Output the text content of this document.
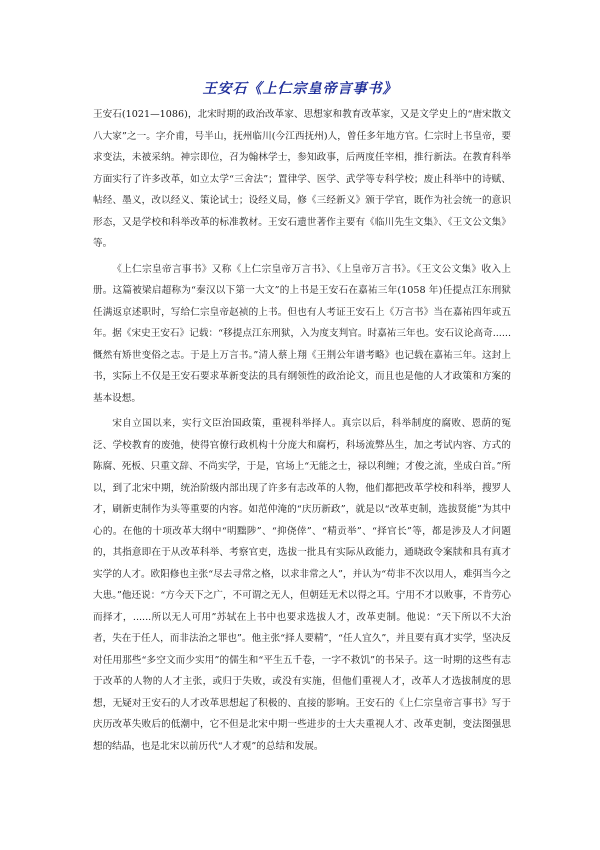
王安石《上仁宗皇帝言事书》

王安石(1021—1086)，北宋时期的政治改革家、思想家和教育改革家，又是文学史上的“唐宋散文八大家”之一。字介甫，号半山，抚州临川(今江西抚州)人，曾任多年地方官。仁宗时上书皇帝，要求变法，未被采纳。神宗即位，召为翰林学士，参知政事，后两度任宰相，推行新法。在教育科举方面实行了许多改革，如立太学“三舍法”；置律学、医学、武学等专科学校；废止科举中的诗赋、帖经、墨义，改以经义、策论试士；设经义局，修《三经新义》颁于学官，既作为社会统一的意识形态，又是学校和科举改革的标准教材。王安石遗世著作主要有《临川先生文集》、《王文公文集》等。

《上仁宗皇帝言事书》又称《上仁宗皇帝万言书》、《上皇帝万言书》。《王文公文集》收入上册。这篇被梁启超称为“秦汉以下第一大文”的上书是王安石在嘉祐三年(1058 年)任提点江东刑狱任满返京述职时，写给仁宗皇帝赵祯的上书。但也有人考证王安石上《万言书》当在嘉祐四年或五年。据《宋史王安石》记载：“移提点江东刑狱，入为度支判官。时嘉祐三年也。安石议论高奇......慨然有矫世变俗之志。于是上万言书。”清人蔡上翔《王荆公年谱考略》也记载在嘉祐三年。这封上书，实际上不仅是王安石要求革新变法的具有纲领性的政治论文，而且也是他的人才政策和方案的基本设想。

宋自立国以来，实行文臣治国政策，重视科举择人。真宗以后，科举制度的腐败、恩荫的冤泛、学校教育的废弛，使得官僚行政机构十分庞大和腐朽，科场流弊丛生，加之考试内容、方式的陈腐、死板、只重文辞、不尚实学，于是，官场上“无能之士，禄以利缠；才俊之流，坐成白首。”所以，到了北宋中期，统治阶级内部出现了许多有志改革的人物，他们都把改革学校和科举，搜罗人才，刷新吏制作为头等重要的内容。如范仲淹的“庆历新政”，就是以“改革吏制，选拔贤能”为其中心的。在他的十项改革大纲中“明黜陟”、“抑侥倖”、“精贡举”、“择官长”等，都是涉及人才问题的，其指意即在于从改革科举、考察官吏，选拔一批具有实际从政能力，通晓政令案牍和具有真才实学的人才。欧阳修也主张“尽去寻常之格，以求非常之人”，并认为“苟非不次以用人，难弭当今之大患。”他还说：“方今天下之广，不可谓之无人，但朝廷无术以得之耳。宁用不才以败事，不肯劳心而择才，......所以无人可用”苏轼在上书中也要求选拔人才，改革吏制。他说：“天下所以不大治者，失在于任人，而非法治之罪也”。他主张“择人要精”，“任人宜久”，并且要有真才实学，坚决反对任用那些“多空文而少实用”的儒生和“平生五千卷，一字不救饥”的书呆子。这一时期的这些有志于改革的人物的人才主张，或归于失败，或没有实施，但他们重视人才，改革人才选拔制度的思想，无疑对王安石的人才改革思想起了积极的、直接的影响。王安石的《上仁宗皇帝言事书》写于庆历改革失败后的低潮中，它不但是北宋中期一些进步的士大夫重视人才、改革吏制，变法图强思想的结晶，也是北宋以前历代“人才观”的总结和发展。
